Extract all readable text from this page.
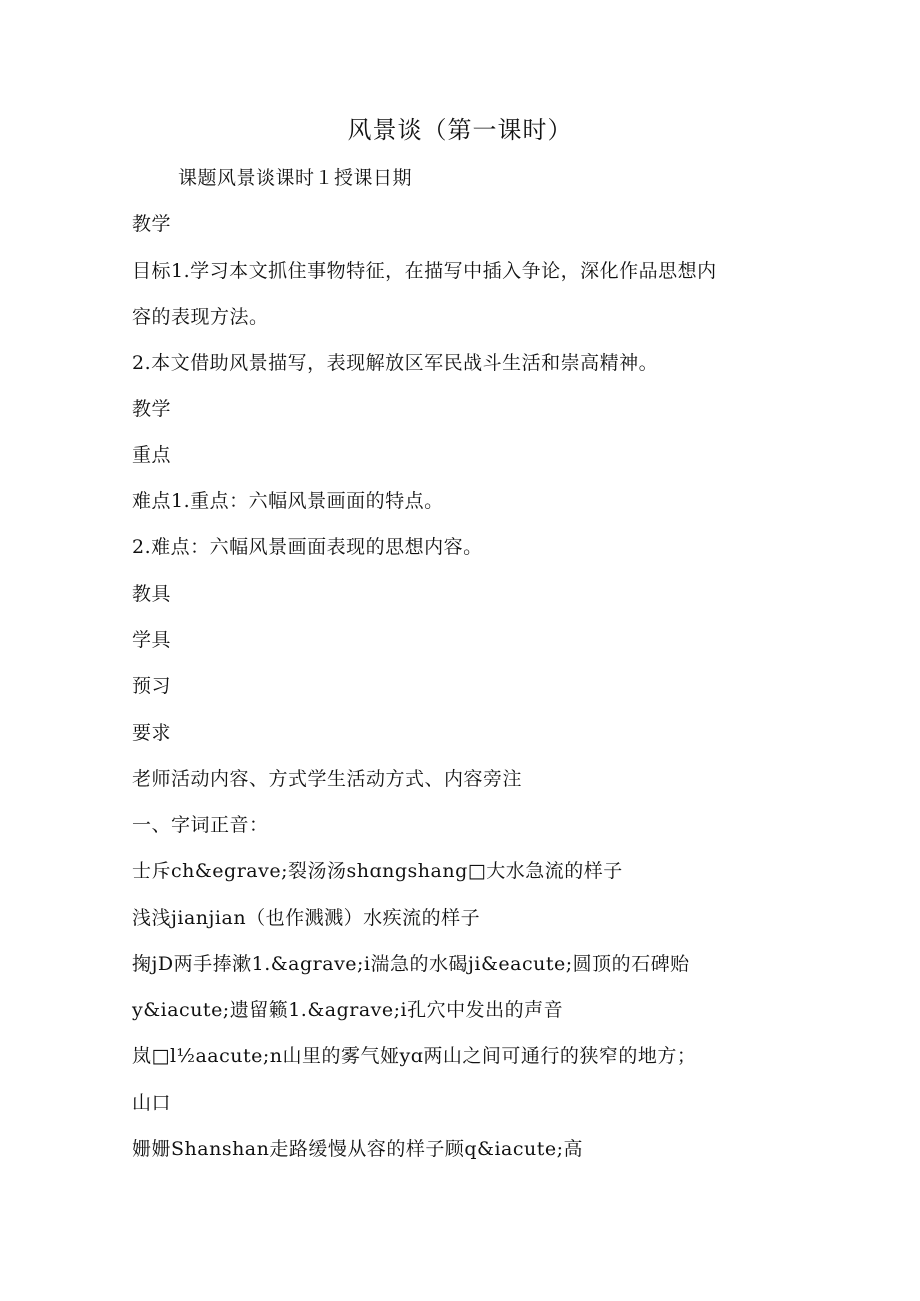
风景谈（第一课时）
课题风景谈课时１授课日期
教学
目标1.学习本文抓住事物特征，在描写中插入争论，深化作品思想内
容的表现方法。
2.本文借助风景描写，表现解放区军民战斗生活和崇高精神。
教学
重点
难点1.重点：六幅风景画面的特点。
2.难点：六幅风景画面表现的思想内容。
教具
学具
预习
要求
老师活动内容、方式学生活动方式、内容旁注
一、字词正音：
士斥ch&egrave;裂汤汤shɑngshang□大水急流的样子
浅浅jianjian（也作溅溅）水疾流的样子
掬jD两手捧漱1.&agrave;i湍急的水碣ji&eacute;圆顶的石碑贻
y&iacute;遗留籁1.&agrave;i孔穴中发出的声音
岚□l½aacute;n山里的雾气娅yɑ两山之间可通行的狭窄的地方；
山口
姗姗Shanshan走路缓慢从容的样子顾q&iacute;高
